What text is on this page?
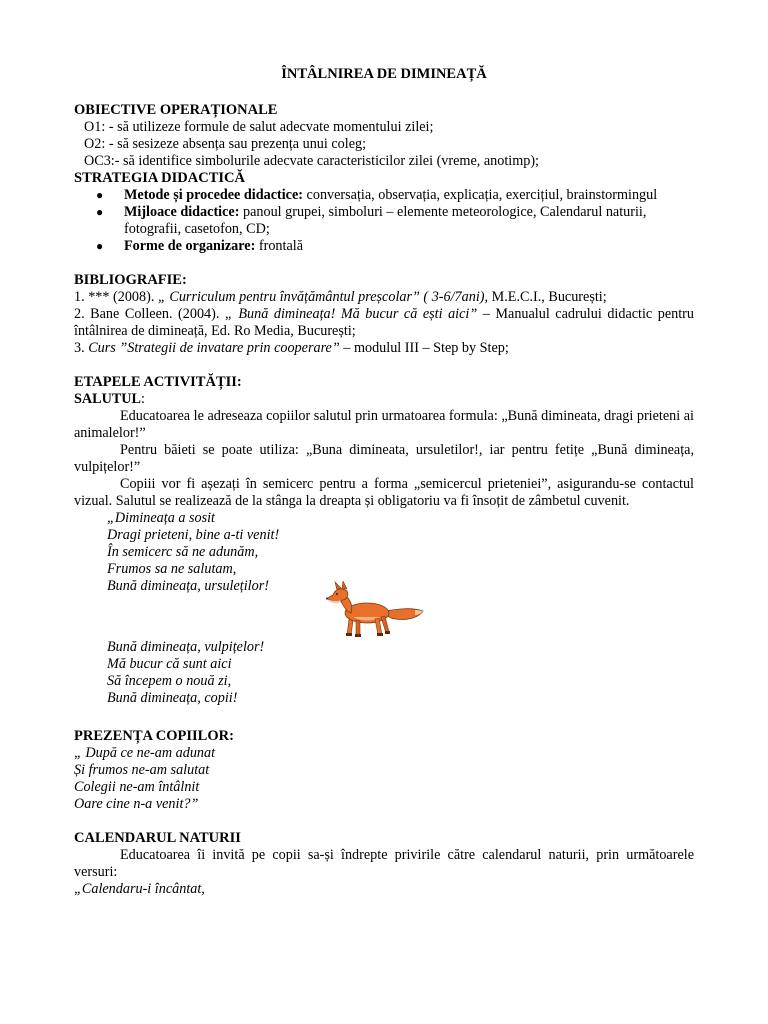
ÎNTÂLNIREA DE DIMINEAȚĂ

OBIECTIVE OPERAȚIONALE

O1: - să utilizeze formule de salut adecvate momentului zilei;

O2: - să sesizeze absența sau prezența unui coleg;

OC3:- să identifice simbolurile adecvate caracteristicilor zilei (vreme, anotimp);

STRATEGIA DIDACTICĂ

● Metode și procedee didactice: conversația, observația, explicația, exercițiul, brainstormingul
● Mijloace didactice: panoul grupei, simboluri – elemente meteorologice, Calendarul naturii, fotografii, casetofon, CD;
● Forme de organizare: frontală

BIBLIOGRAFIE:

1. *** (2008). „ Curriculum pentru învățământul preșcolar” ( 3-6/7ani), M.E.C.I., București;

2. Bane Colleen. (2004). „ Bună dimineața! Mă bucur că ești aici” – Manualul cadrului didactic pentru întâlnirea de dimineață, Ed. Ro Media, București;

3. Curs ”Strategii de invatare prin cooperare” – modulul III – Step by Step;

ETAPELE ACTIVITĂȚII:

SALUTUL:

Educatoarea le adreseaza copiilor salutul prin urmatoarea formula: „Bună dimineata, dragi prieteni ai animalelor!”

Pentru băieti se poate utiliza: „Buna dimineata, ursuletilor!, iar pentru fetițe „Bună dimineața, vulpițelor!”

Copiii vor fi așezați în semicerc pentru a forma „semicercul prieteniei”, asigurandu-se contactul vizual. Salutul se realizează de la stânga la dreapta și obligatoriu va fi însoțit de zâmbetul cuvenit.

„Dimineața a sosit

Dragi prieteni, bine a-ti venit!

În semicerc să ne adunăm,

Frumos sa ne salutam,

Bună dimineața, ursuleților!

Bună dimineața, vulpițelor!

Mă bucur că sunt aici

Să începem o nouă zi,

Bună dimineața, copii!

PREZENȚA COPIILOR:

„ După ce ne-am adunat

Și frumos ne-am salutat

Colegii ne-am întâlnit

Oare cine n-a venit?”

CALENDARUL NATURII

Educatoarea îi invită pe copii sa-și îndrepte privirile către calendarul naturii, prin următoarele versuri:

„Calendaru-i încântat,
